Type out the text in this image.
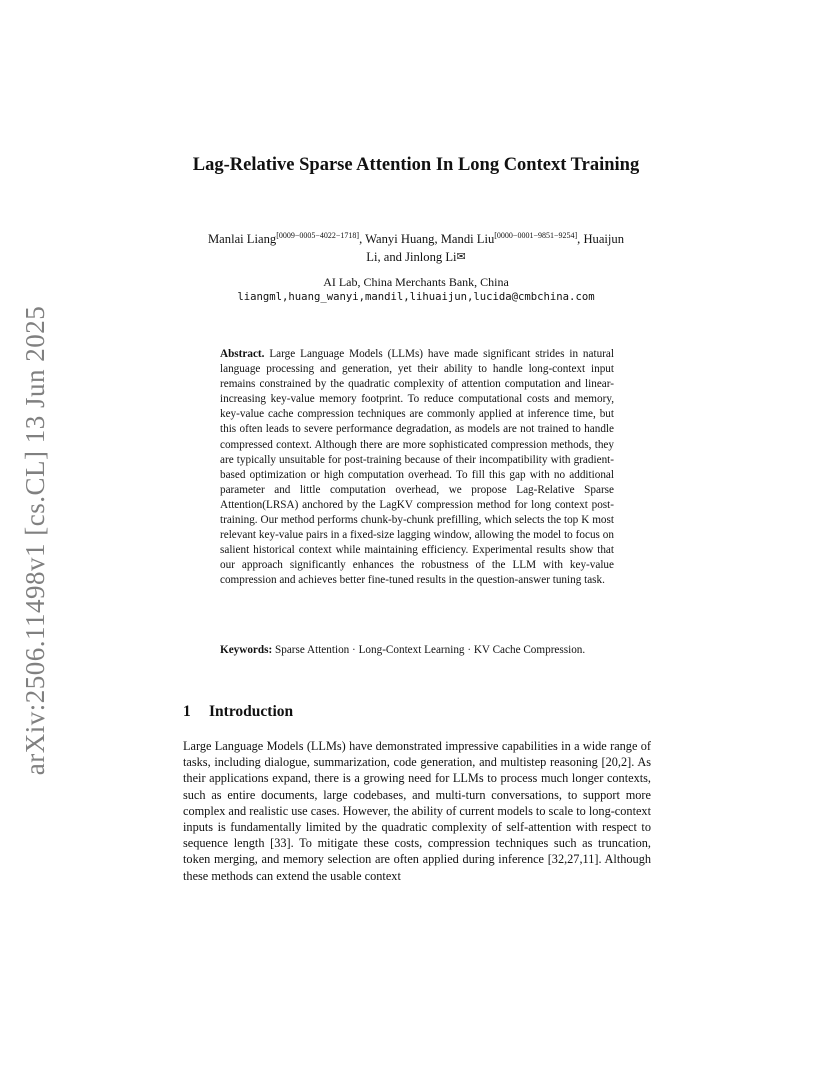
arXiv:2506.11498v1 [cs.CL] 13 Jun 2025
Lag-Relative Sparse Attention In Long Context Training
Manlai Liang[0009−0005−4022−1718], Wanyi Huang, Mandi Liu[0000−0001−9851−9254], Huaijun Li, and Jinlong Li✉
AI Lab, China Merchants Bank, China
liangml,huang_wanyi,mandil,lihuaijun,lucida@cmbchina.com
Abstract. Large Language Models (LLMs) have made significant strides in natural language processing and generation, yet their ability to handle long-context input remains constrained by the quadratic complexity of attention computation and linear-increasing key-value memory footprint. To reduce computational costs and memory, key-value cache compression techniques are commonly applied at inference time, but this often leads to severe performance degradation, as models are not trained to handle compressed context. Although there are more sophisticated compression methods, they are typically unsuitable for post-training because of their incompatibility with gradient-based optimization or high computation overhead. To fill this gap with no additional parameter and little computation overhead, we propose Lag-Relative Sparse Attention(LRSA) anchored by the LagKV compression method for long context post-training. Our method performs chunk-by-chunk prefilling, which selects the top K most relevant key-value pairs in a fixed-size lagging window, allowing the model to focus on salient historical context while maintaining efficiency. Experimental results show that our approach significantly enhances the robustness of the LLM with key-value compression and achieves better fine-tuned results in the question-answer tuning task.
Keywords: Sparse Attention · Long-Context Learning · KV Cache Compression.
1 Introduction
Large Language Models (LLMs) have demonstrated impressive capabilities in a wide range of tasks, including dialogue, summarization, code generation, and multistep reasoning [20,2]. As their applications expand, there is a growing need for LLMs to process much longer contexts, such as entire documents, large codebases, and multi-turn conversations, to support more complex and realistic use cases. However, the ability of current models to scale to long-context inputs is fundamentally limited by the quadratic complexity of self-attention with respect to sequence length [33]. To mitigate these costs, compression techniques such as truncation, token merging, and memory selection are often applied during inference [32,27,11]. Although these methods can extend the usable context
